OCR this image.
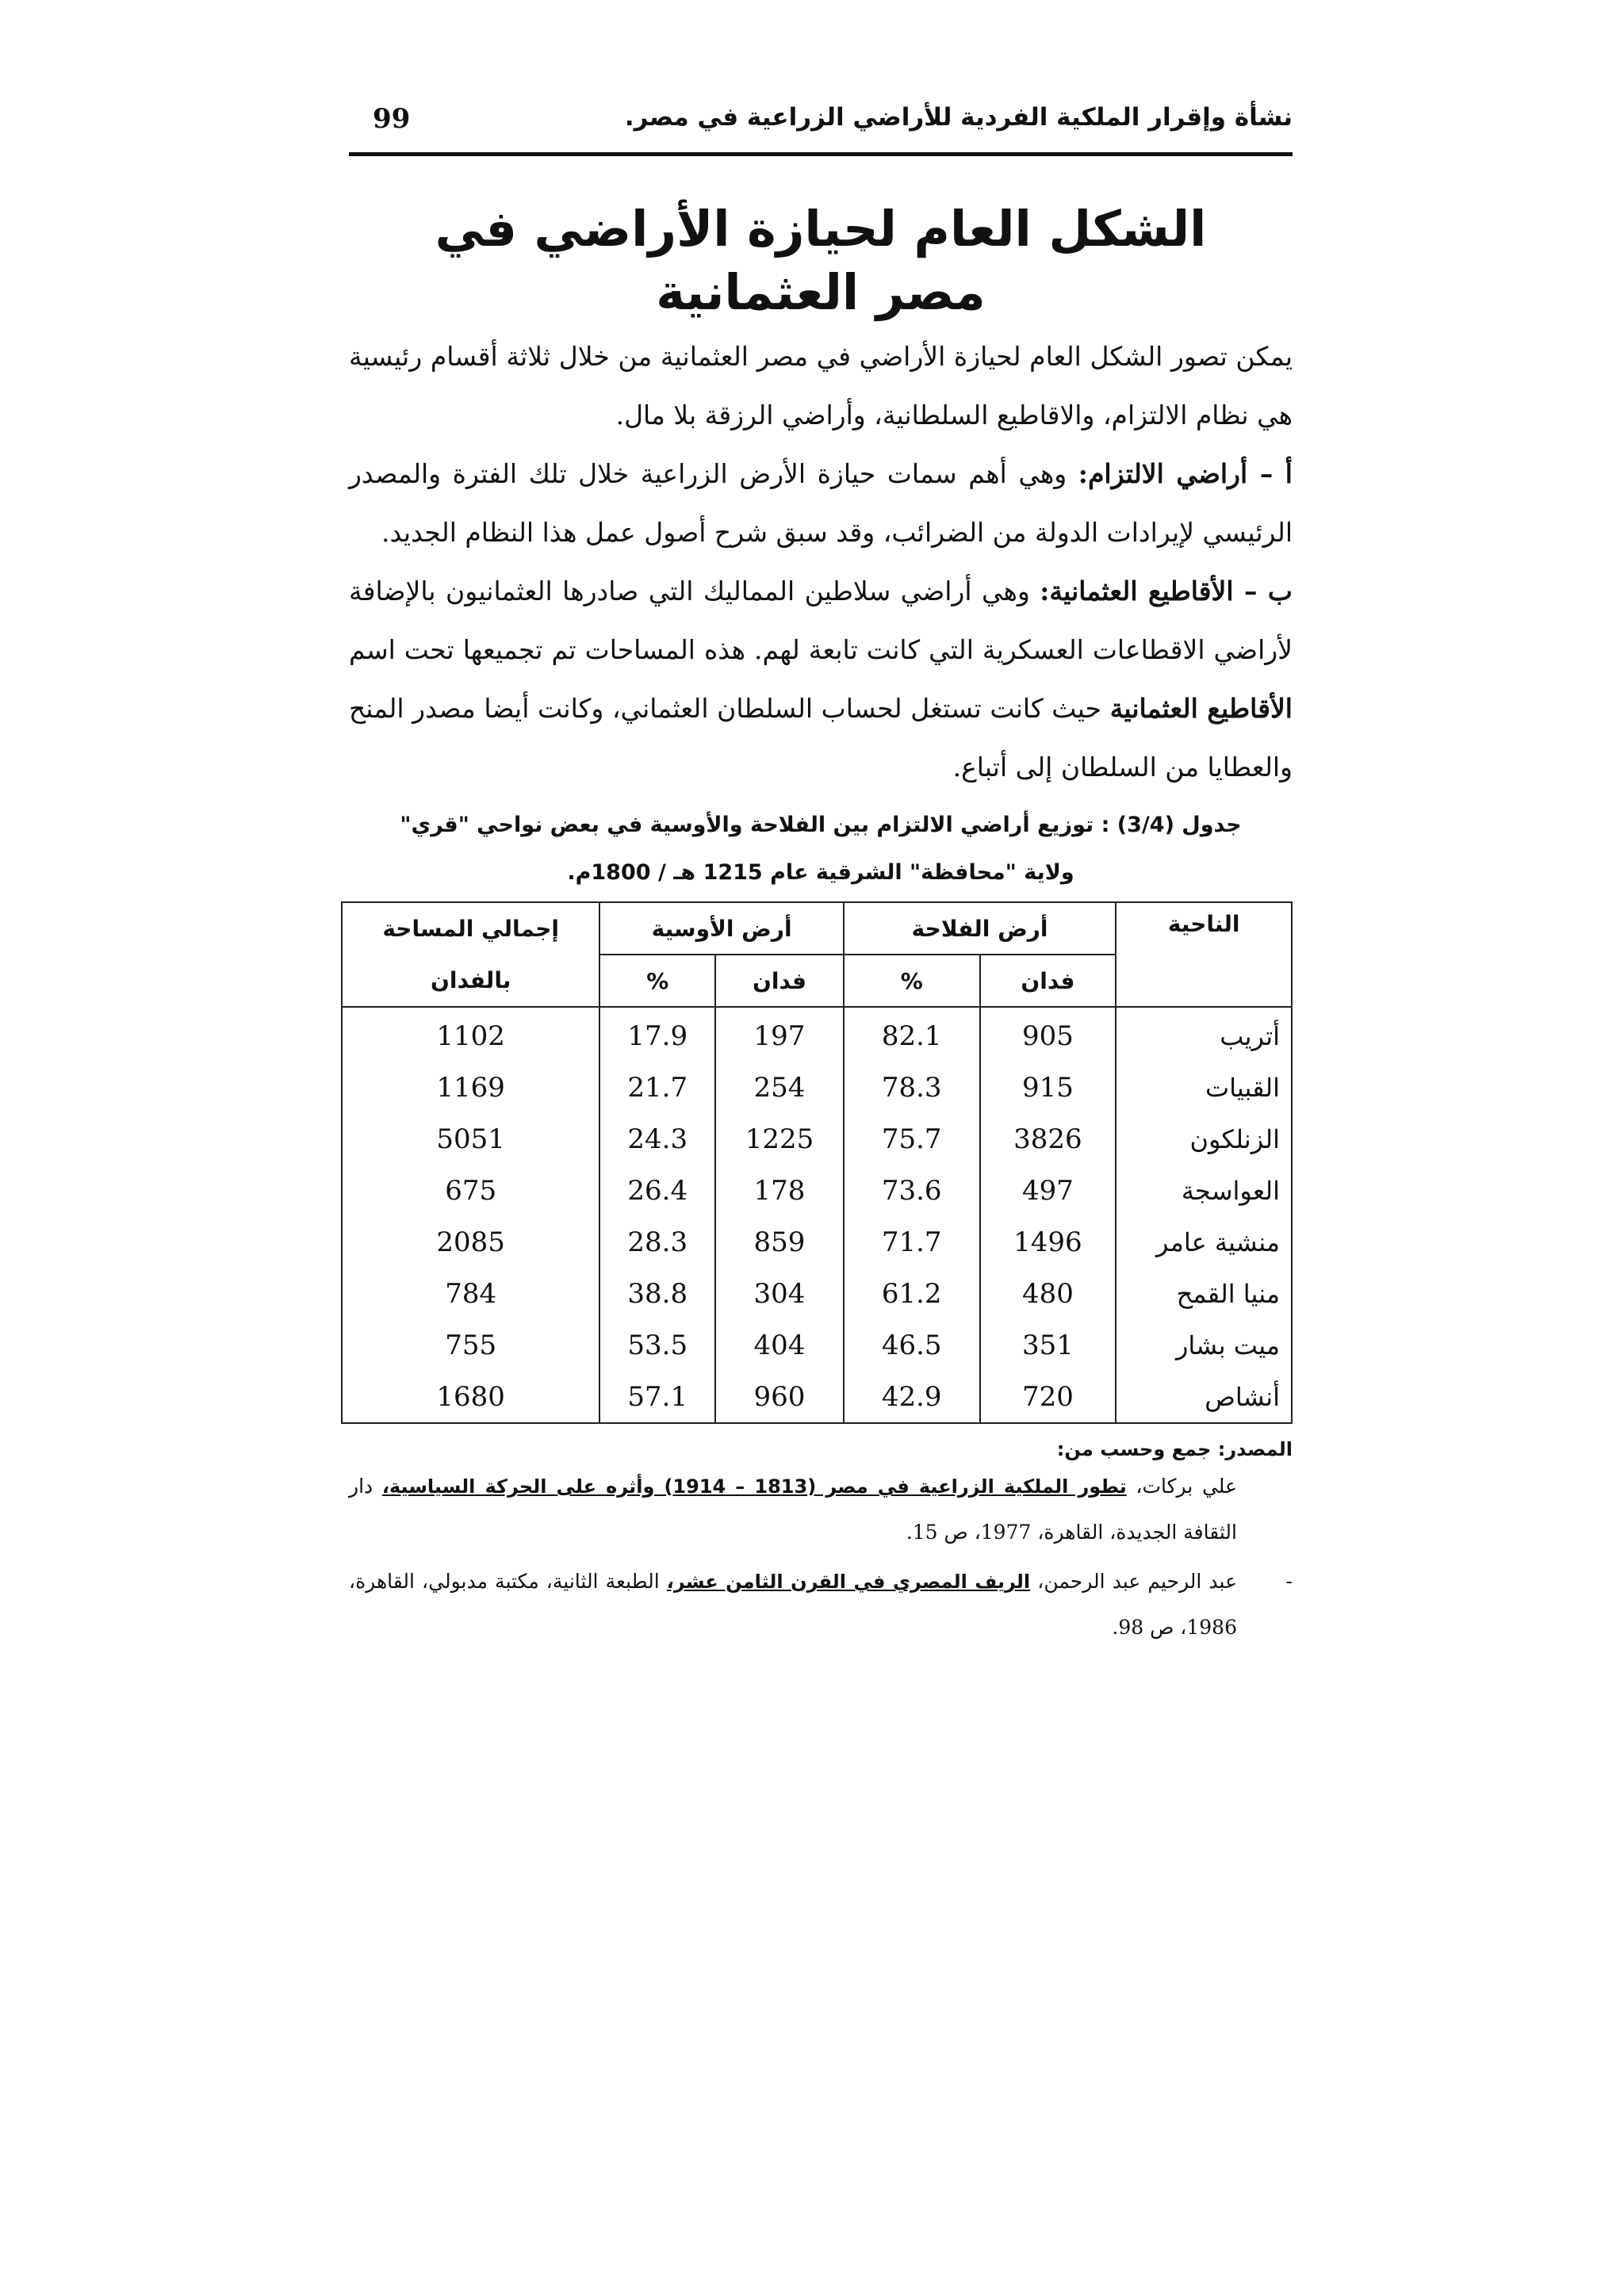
نشأة وإقرار الملكية الفردية للأراضي الزراعية في مصر.
99
الشكل العام لحيازة الأراضي في مصر العثمانية

يمكن تصور الشكل العام لحيازة الأراضي في مصر العثمانية من خلال ثلاثة أقسام رئيسية هي نظام الالتزام، والاقاطيع السلطانية، وأراضي الرزقة بلا مال.

أ – أراضي الالتزام: وهي أهم سمات حيازة الأرض الزراعية خلال تلك الفترة والمصدر الرئيسي لإيرادات الدولة من الضرائب، وقد سبق شرح أصول عمل هذا النظام الجديد.

ب – الأقاطيع العثمانية: وهي أراضي سلاطين المماليك التي صادرها العثمانيون بالإضافة لأراضي الاقطاعات العسكرية التي كانت تابعة لهم. هذه المساحات تم تجميعها تحت اسم الأقاطيع العثمانية حيث كانت تستغل لحساب السلطان العثماني، وكانت أيضا مصدر المنح والعطايا من السلطان إلى أتباع.

جدول (3/4) : توزيع أراضي الالتزام بين الفلاحة والأوسية في بعض نواحي "قري"
ولاية "محافظة" الشرقية عام 1215 هـ / 1800م.
الناحية	أرض الفلاحة		أرض الأوسية		إجمالي المساحة
	فدان	%	فدان	%	بالفدان
أتريب	905	82.1	197	17.9	1102
القبيات	915	78.3	254	21.7	1169
الزنلكون	3826	75.7	1225	24.3	5051
العواسجة	497	73.6	178	26.4	675
منشية عامر	1496	71.7	859	28.3	2085
منيا القمح	480	61.2	304	38.8	784
ميت بشار	351	46.5	404	53.5	755
أنشاص	720	42.9	960	57.1	1680
المصدر: جمع وحسب من:
علي بركات، تطور الملكية الزراعية في مصر (1813 – 1914) وأثره على الحركة السياسية، دار الثقافة الجديدة، القاهرة، 1977، ص 15.
-
عبد الرحيم عبد الرحمن، الريف المصري في القرن الثامن عشر، الطبعة الثانية، مكتبة مدبولي، القاهرة، 1986، ص 98.
